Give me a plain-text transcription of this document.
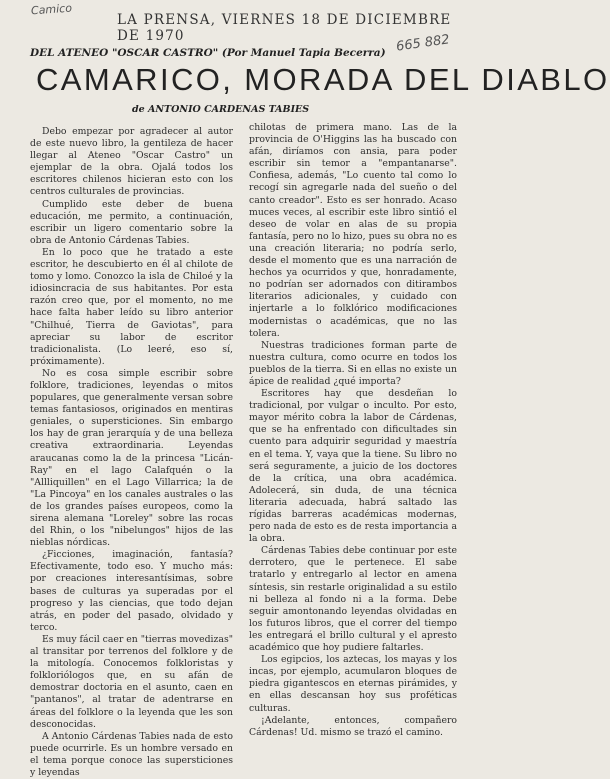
Camico
665 882
LA PRENSA, VIERNES 18 DE DICIEMBRE DE 1970
DEL ATENEO "OSCAR CASTRO" (Por Manuel Tapia Becerra)
CAMARICO, MORADA DEL DIABLO
de ANTONIO CARDENAS TABIES

Debo empezar por agradecer al autor de este nuevo libro, la gentileza de hacer llegar al Ateneo "Oscar Castro" un ejemplar de la obra. Ojalá todos los escritores chilenos hicieran esto con los centros culturales de provincias.

Cumplido este deber de buena educación, me permito, a continuación, escribir un ligero comentario sobre la obra de Antonio Cárdenas Tabies.

En lo poco que he tratado a este escritor, he descubierto en él al chilote de tomo y lomo. Conozco la isla de Chiloé y la idiosincracia de sus habitantes. Por esta razón creo que, por el momento, no me hace falta haber leído su libro anterior "Chilhué, Tierra de Gaviotas", para apreciar su labor de escritor tradicionalista. (Lo leeré, eso sí, próximamente).

No es cosa simple escribir sobre folklore, tradiciones, leyendas o mitos populares, que generalmente versan sobre temas fantasiosos, originados en mentiras geniales, o supersticiones. Sin embargo los hay de gran jerarquía y de una belleza creativa extraordinaria. Leyendas araucanas como la de la princesa "Licán-Ray" en el lago Calafquén o la "Allliquillen" en el Lago Villarrica; la de "La Pincoya" en los canales australes o las de los grandes países europeos, como la sirena alemana "Loreley" sobre las rocas del Rhin, o los "nibelungos" hijos de las nieblas nórdicas.

¿Ficciones, imaginación, fantasía? Efectivamente, todo eso. Y mucho más: por creaciones interesantísimas, sobre bases de culturas ya superadas por el progreso y las ciencias, que todo dejan atrás, en poder del pasado, olvidado y terco.

Es muy fácil caer en "tierras movedizas" al transitar por terrenos del folklore y de la mitología. Conocemos folkloristas y folkloriólogos que, en su afán de demostrar doctoria en el asunto, caen en "pantanos", al tratar de adentrarse en áreas del folklore o la leyenda que les son desconocidas.

A Antonio Cárdenas Tabies nada de esto puede ocurrirle. Es un hombre versado en el tema porque conoce las supersticiones y leyendas

chilotas de primera mano. Las de la provincia de O'Higgins las ha buscado con afán, diríamos con ansia, para poder escribir sin temor a "empantanarse". Confiesa, además, "Lo cuento tal como lo recogí sin agregarle nada del sueño o del canto creador". Esto es ser honrado. Acaso muces veces, al escribir este libro sintió el deseo de volar en alas de su propia fantasía, pero no lo hizo, pues su obra no es una creación literaria; no podría serlo, desde el momento que es una narración de hechos ya ocurridos y que, honradamente, no podrían ser adornados con ditirambos literarios adicionales, y cuidado con injertarle a lo folklórico modificaciones modernistas o académicas, que no las tolera.

Nuestras tradiciones forman parte de nuestra cultura, como ocurre en todos los pueblos de la tierra. Si en ellas no existe un ápice de realidad ¿qué importa?

Escritores hay que desdeñan lo tradicional, por vulgar o inculto. Por esto, mayor mérito cobra la labor de Cárdenas, que se ha enfrentado con dificultades sin cuento para adquirir seguridad y maestría en el tema. Y, vaya que la tiene. Su libro no será seguramente, a juicio de los doctores de la crítica, una obra académica. Adolecerá, sin duda, de una técnica literaria adecuada, habrá saltado las rígidas barreras académicas modernas, pero nada de esto es de resta importancia a la obra.

Cárdenas Tabies debe continuar por este derrotero, que le pertenece. El sabe tratarlo y entregarlo al lector en amena síntesis, sin restarle originalidad a su estilo ni belleza al fondo ni a la forma. Debe seguir amontonando leyendas olvidadas en los futuros libros, que el correr del tiempo les entregará el brillo cultural y el apresto académico que hoy pudiere faltarles.

Los egipcios, los aztecas, los mayas y los incas, por ejemplo, acumularon bloques de piedra gigantescos en eternas pirámides, y en ellas descansan hoy sus proféticas culturas.

¡Adelante, entonces, compañero Cárdenas! Ud. mismo se trazó el camino.
